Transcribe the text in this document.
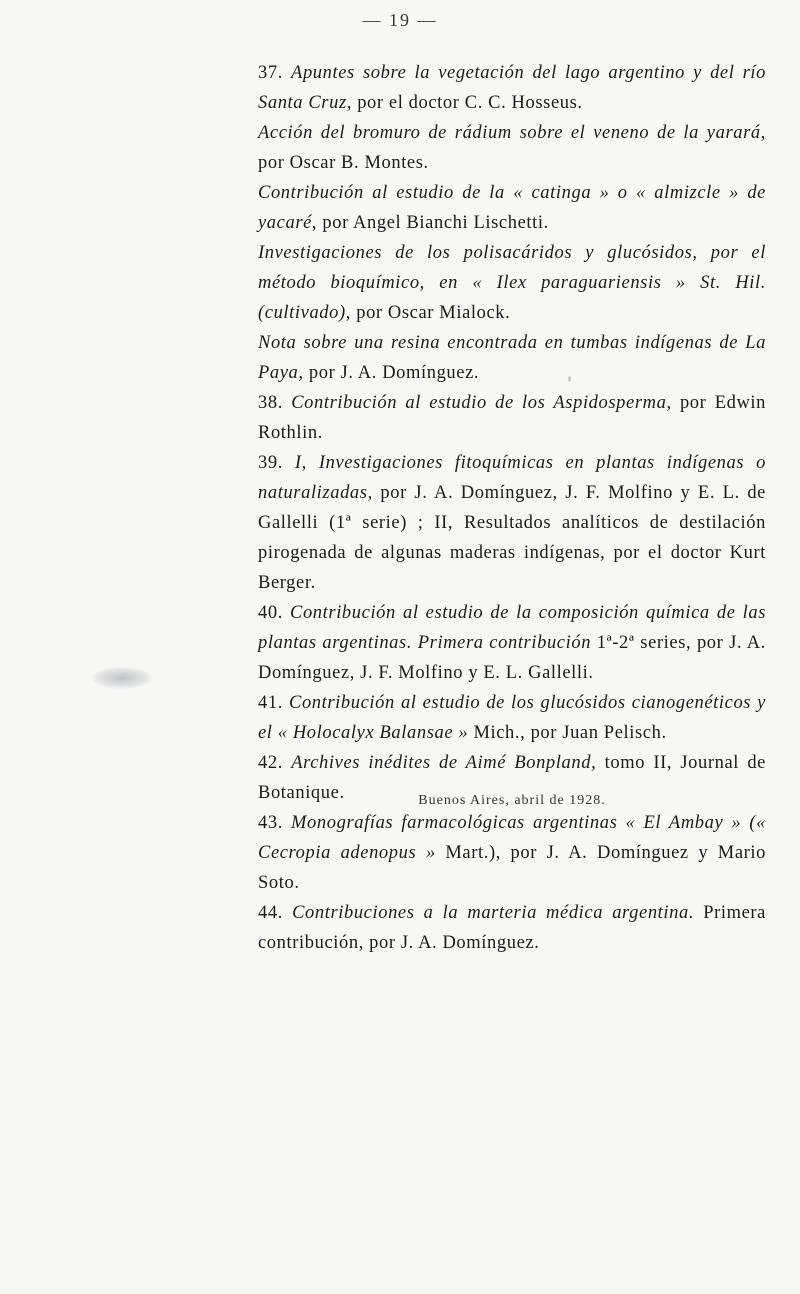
— 19 —

37. Apuntes sobre la vegetación del lago argentino y del río Santa Cruz, por el doctor C. C. Hosseus.

Acción del bromuro de rádium sobre el veneno de la yarará, por Oscar B. Montes.

Contribución al estudio de la « catinga » o « almizcle » de yacaré, por Angel Bianchi Lischetti.

Investigaciones de los polisacáridos y glucósidos, por el método bioquímico, en « Ilex paraguariensis » St. Hil. (cultivado), por Oscar Mialock.

Nota sobre una resina encontrada en tumbas indígenas de La Paya, por J. A. Domínguez.

38. Contribución al estudio de los Aspidosperma, por Edwin Rothlin.

39. I, Investigaciones fitoquímicas en plantas indígenas o naturalizadas, por J. A. Domínguez, J. F. Molfino y E. L. de Gallelli (1ª serie) ; II, Resultados analíticos de destilación pirogenada de algunas maderas indígenas, por el doctor Kurt Berger.

40. Contribución al estudio de la composición química de las plantas argentinas. Primera contribución 1ª-2ª series, por J. A. Domínguez, J. F. Molfino y E. L. Gallelli.

41. Contribución al estudio de los glucósidos cianogenéticos y el « Holocalyx Balansae » Mich., por Juan Pelisch.

42. Archives inédites de Aimé Bonpland, tomo II, Journal de Botanique.

43. Monografías farmacológicas argentinas « El Ambay » (« Cecropia adenopus » Mart.), por J. A. Domínguez y Mario Soto.

44. Contribuciones a la marteria médica argentina. Primera contribución, por J. A. Domínguez.

Buenos Aires, abril de 1928.
